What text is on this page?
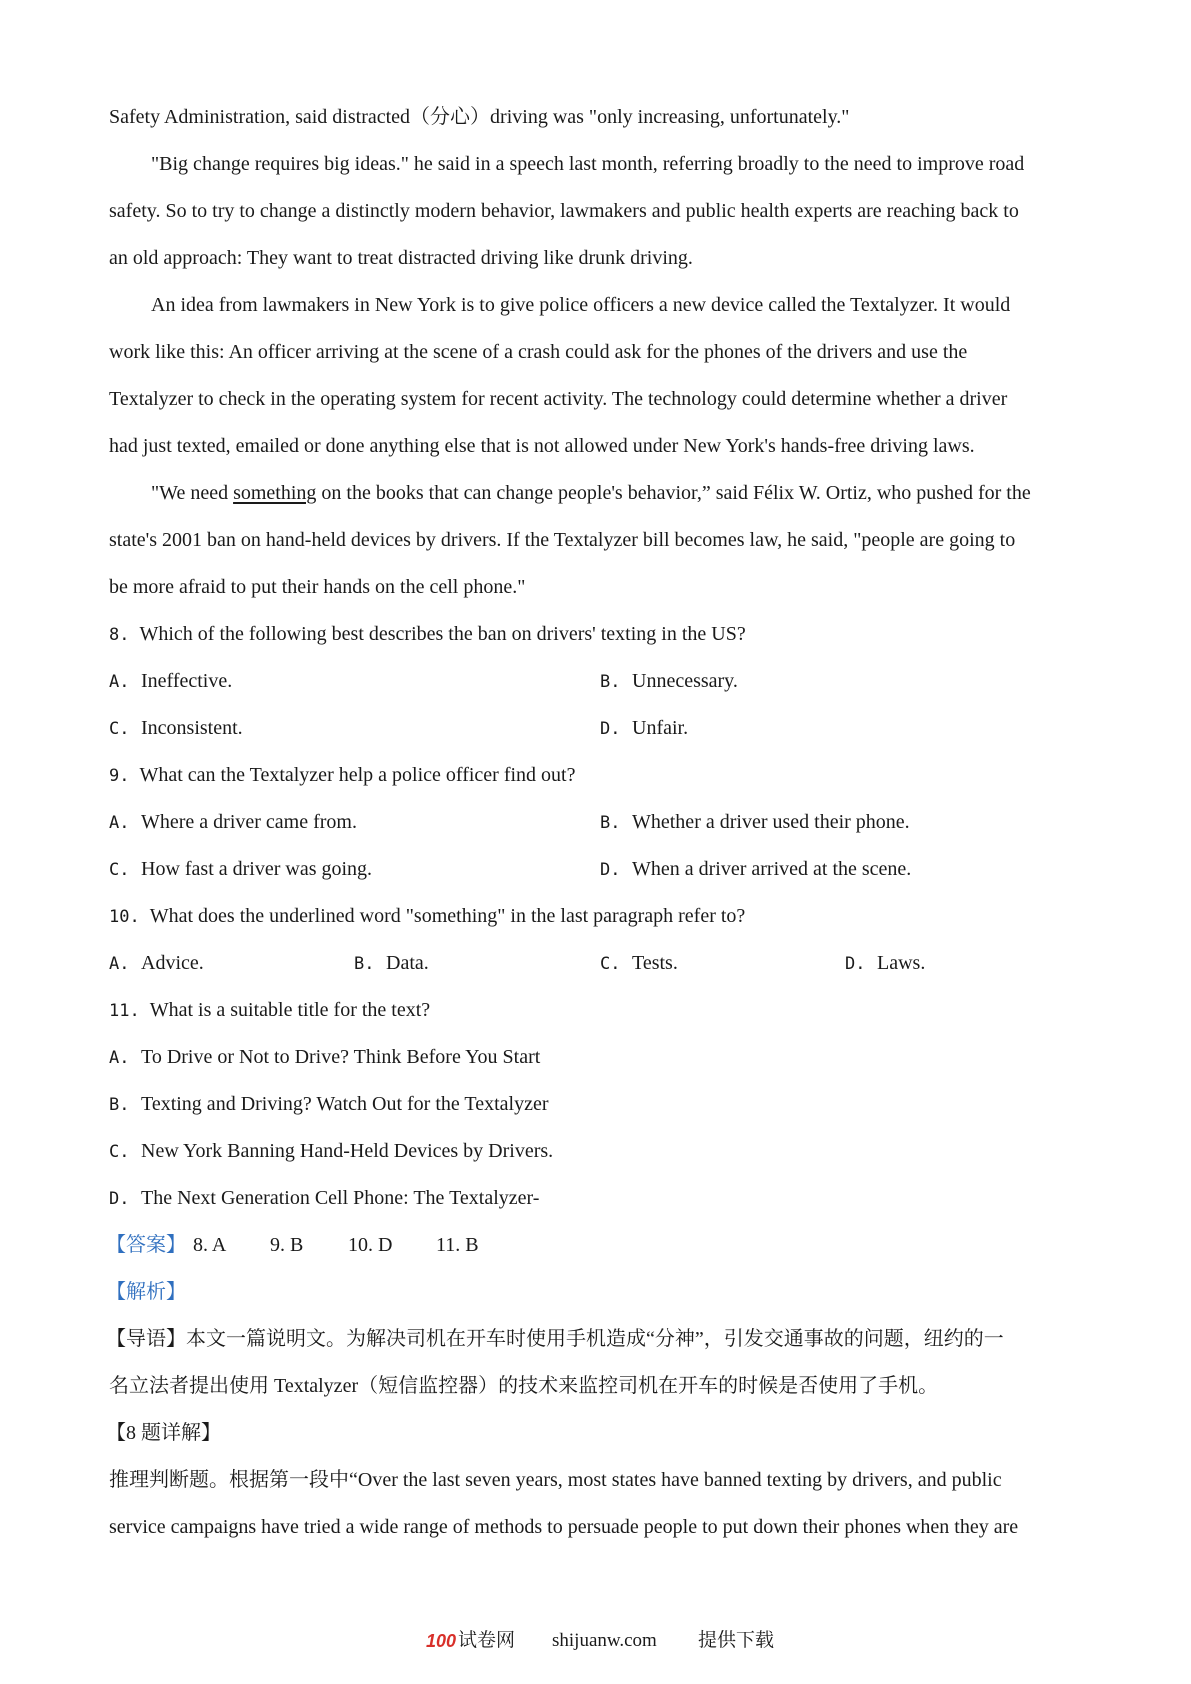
Safety Administration, said distracted（分心）driving was "only increasing, unfortunately."
"Big change requires big ideas." he said in a speech last month, referring broadly to the need to improve road
safety. So to try to change a distinctly modern behavior, lawmakers and public health experts are reaching back to
an old approach: They want to treat distracted driving like drunk driving.
An idea from lawmakers in New York is to give police officers a new device called the Textalyzer. It would
work like this: An officer arriving at the scene of a crash could ask for the phones of the drivers and use the
Textalyzer to check in the operating system for recent activity. The technology could determine whether a driver
had just texted, emailed or done anything else that is not allowed under New York's hands-free driving laws.
"We need something on the books that can change people's behavior,” said Félix W. Ortiz, who pushed for the
state's 2001 ban on hand-held devices by drivers. If the Textalyzer bill becomes law, he said, "people are going to
be more afraid to put their hands on the cell phone."
8. Which of the following best describes the ban on drivers' texting in the US?
A. Ineffective.	B. Unnecessary.
C. Inconsistent.	D. Unfair.
9. What can the Textalyzer help a police officer find out?
A. Where a driver came from.	B. Whether a driver used their phone.
C. How fast a driver was going.	D. When a driver arrived at the scene.
10. What does the underlined word "something" in the last paragraph refer to?
A. Advice.	B. Data.	C. Tests.	D. Laws.
11. What is a suitable title for the text?
A. To Drive or Not to Drive? Think Before You Start
B. Texting and Driving? Watch Out for the Textalyzer
C. New York Banning Hand-Held Devices by Drivers.
D. The Next Generation Cell Phone: The Textalyzer-
【答案】 8. A 9. B 10. D 11. B
【解析】
【导语】本文一篇说明文。为解决司机在开车时使用手机造成“分神”，引发交通事故的问题，纽约的一
名立法者提出使用 Textalyzer（短信监控器）的技术来监控司机在开车的时候是否使用了手机。
【8 题详解】
推理判断题。根据第一段中“Over the last seven years, most states have banned texting by drivers, and public
service campaigns have tried a wide range of methods to persuade people to put down their phones when they are
100 试卷网 shijuanw.com 提供下载
